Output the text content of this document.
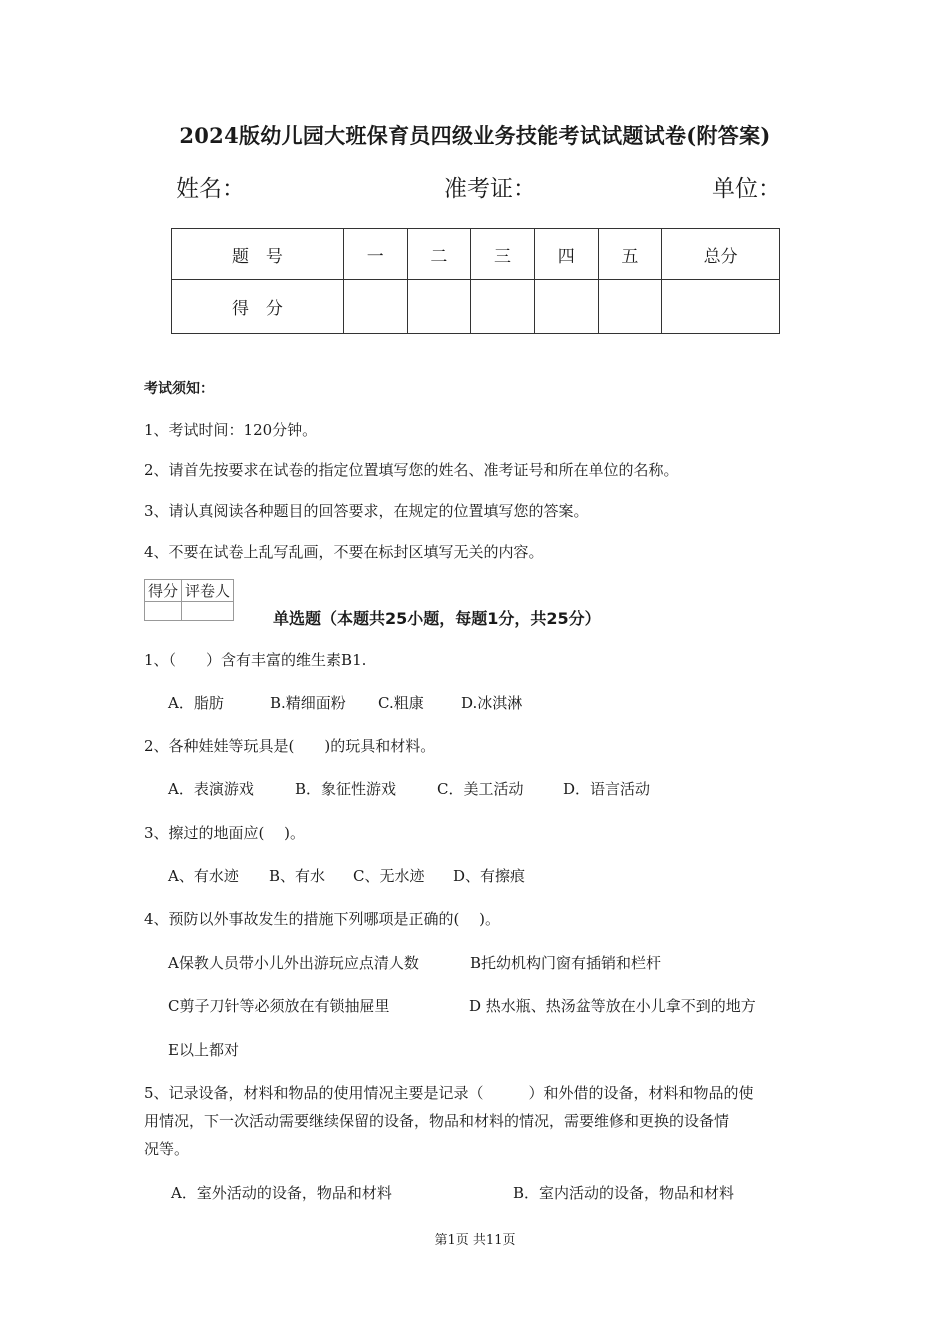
2024版幼儿园大班保育员四级业务技能考试试题试卷(附答案)
姓名：	准考证：	单位：
题　号	一	二	三	四	五	总分
得　分						
考试须知：
1、考试时间：120分钟。
2、请首先按要求在试卷的指定位置填写您的姓名、准考证号和所在单位的名称。
3、请认真阅读各种题目的回答要求，在规定的位置填写您的答案。
4、不要在试卷上乱写乱画，不要在标封区填写无关的内容。
得分	评卷人

单选题（本题共25小题，每题1分，共25分）
1、（　　）含有丰富的维生素B1.
A．脂肪	B.精细面粉 C.粗康 D.冰淇淋
2、各种娃娃等玩具是(　　)的玩具和材料。
A．表演游戏	B．象征性游戏	C．美工活动	D．语言活动
3、擦过的地面应(　 )。
A、有水迹 B、有水 C、无水迹 D、有擦痕
4、预防以外事故发生的措施下列哪项是正确的(　 )。
A保教人员带小儿外出游玩应点清人数	B托幼机构门窗有插销和栏杆
C剪子刀针等必须放在有锁抽屉里	D 热水瓶、热汤盆等放在小儿拿不到的地方
E以上都对
5、记录设备，材料和物品的使用情况主要是记录（　　　）和外借的设备，材料和物品的使
用情况，下一次活动需要继续保留的设备，物品和材料的情况，需要维修和更换的设备情
况等。
A．室外活动的设备，物品和材料	B．室内活动的设备，物品和材料
第1页 共11页
